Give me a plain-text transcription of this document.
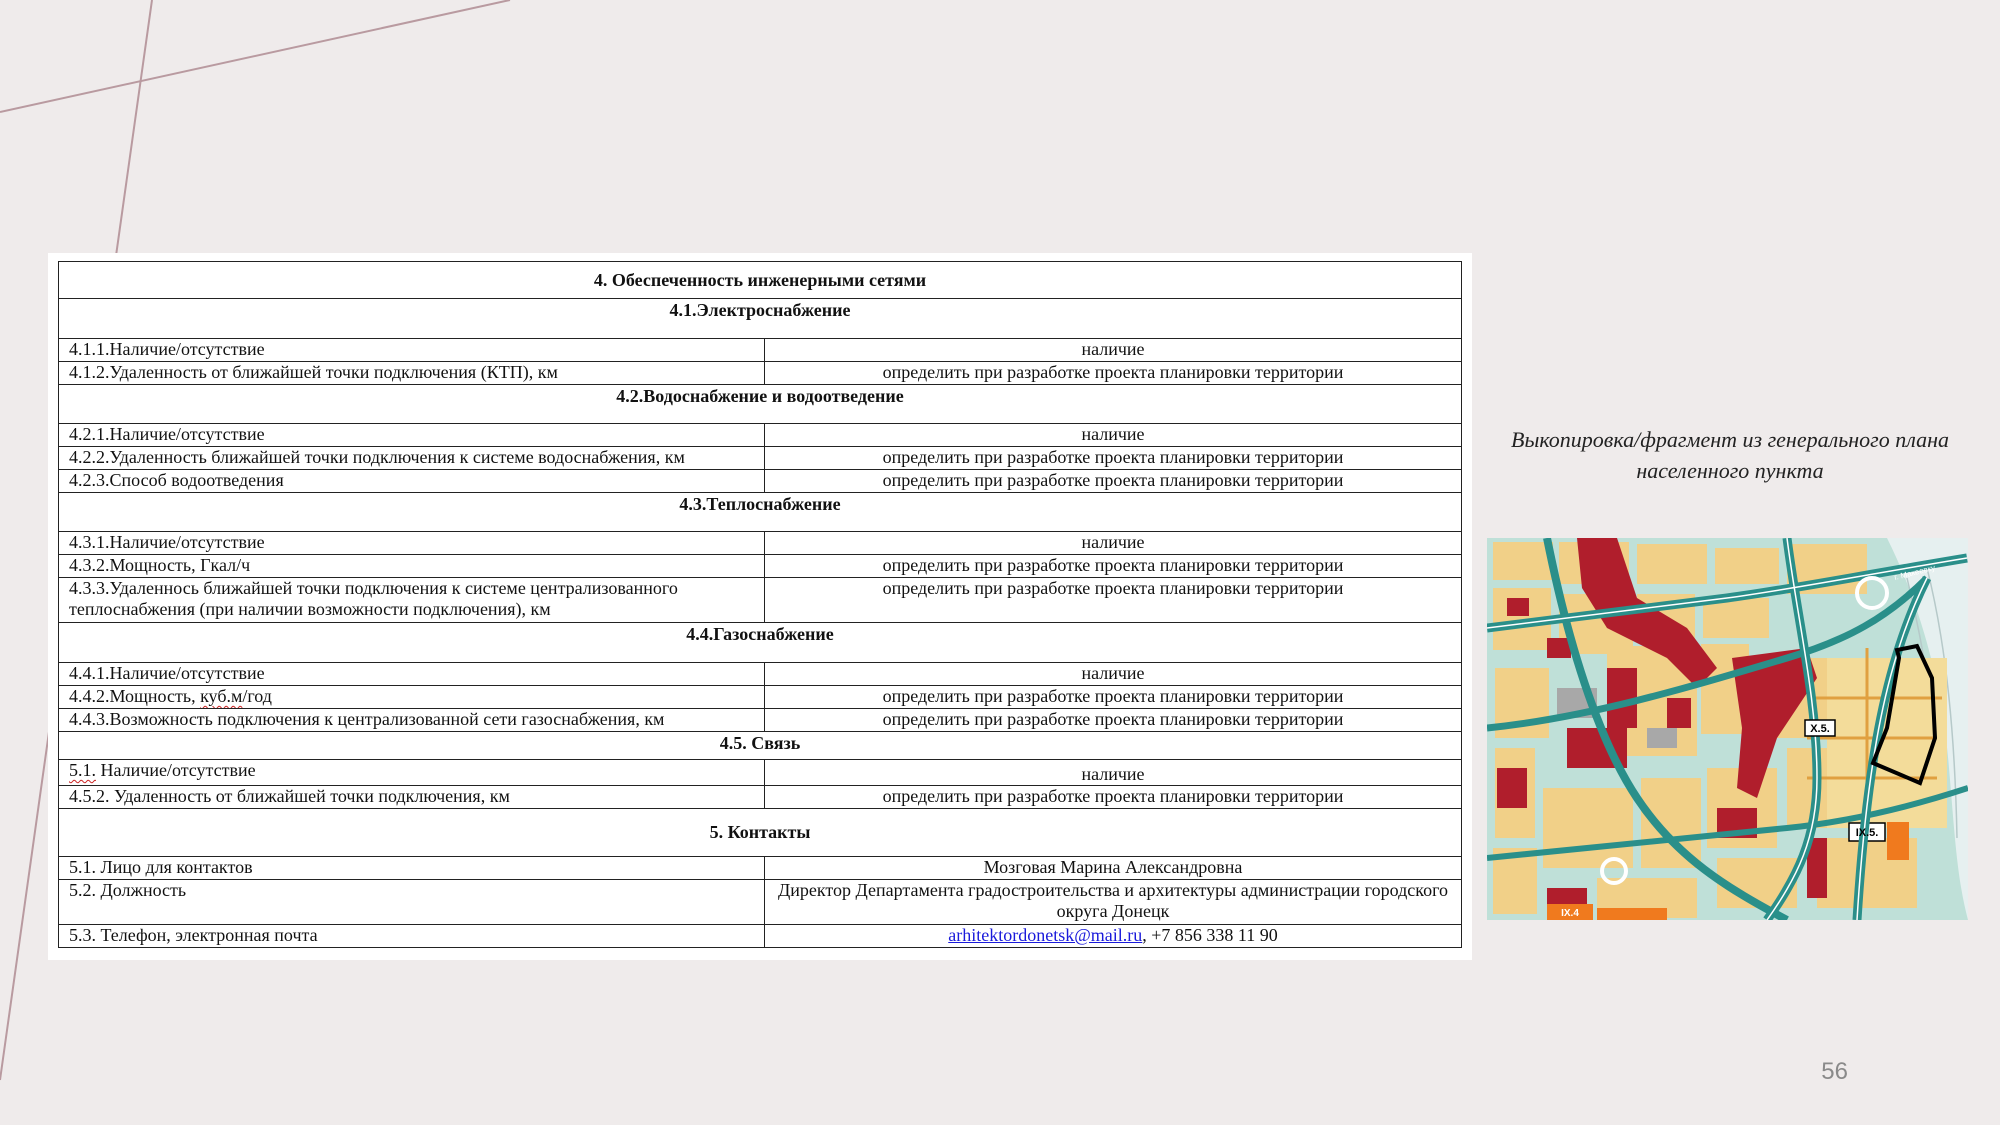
4. Обеспеченность инженерными сетями	
4.1.Электроснабжение	
4.1.1.Наличие/отсутствие	наличие
4.1.2.Удаленность от ближайшей точки подключения (КТП), км	определить при разработке проекта планировки территории
4.2.Водоснабжение и водоотведение	
4.2.1.Наличие/отсутствие	наличие
4.2.2.Удаленность ближайшей точки подключения к системе водоснабжения, км	определить при разработке проекта планировки территории
4.2.3.Способ водоотведения	определить при разработке проекта планировки территории
4.3.Теплоснабжение	
4.3.1.Наличие/отсутствие	наличие
4.3.2.Мощность, Гкал/ч	определить при разработке проекта планировки территории
4.3.3.Удаленнось ближайшей точки подключения к системе централизованного теплоснабжения (при наличии возможности подключения), км	определить при разработке проекта планировки территории
4.4.Газоснабжение	
4.4.1.Наличие/отсутствие	наличие
4.4.2.Мощность, куб.м/год	определить при разработке проекта планировки территории
4.4.3.Возможность подключения к централизованной сети газоснабжения, км	определить при разработке проекта планировки территории
4.5. Связь	
5.1. Наличие/отсутствие	наличие
4.5.2. Удаленность от ближайшей точки подключения, км	определить при разработке проекта планировки территории
5. Контакты	
5.1. Лицо для контактов	Мозговая Марина Александровна
5.2. Должность	Директор Департамента градостроительства и архитектуры администрации городского округа Донецк
5.3. Телефон, электронная почта	arhitektordonetsk@mail.ru, +7 856 338 11 90
Выкопировка/фрагмент из генерального плана населенного пункта
X.5.
IX.5.
IX.4
г. Макеевку
56
